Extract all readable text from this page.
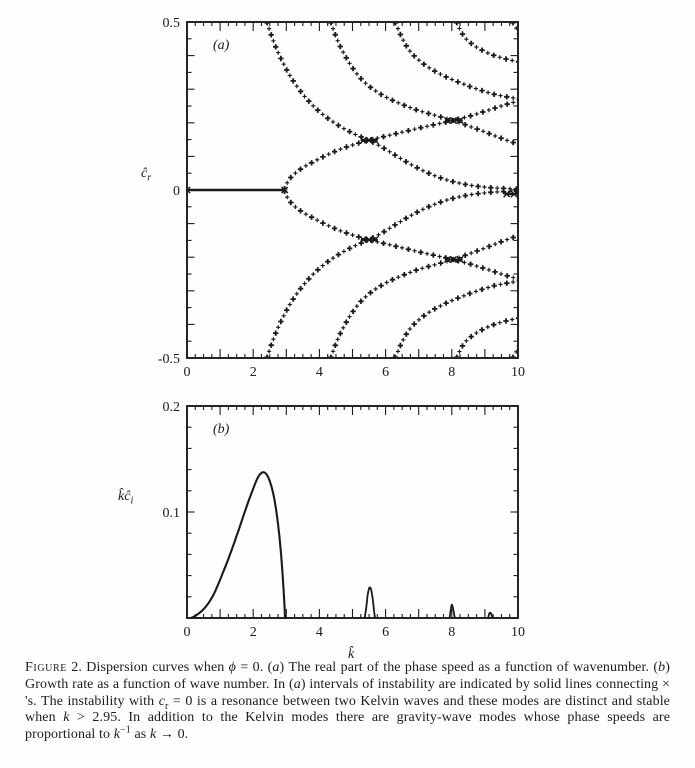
0	2	4	6	8	10
0.5
0
-0.5
(a)
$ĉ_r$
0	2	4	6	8	10
0.2
0.1
(b)
$k̂ĉ_i$
k̂

Figure 2. Dispersion curves when ϕ = 0. (a) The real part of the phase speed as a function of wavenumber. (b) Growth rate as a function of wave number. In (a) intervals of instability are indicated by solid lines connecting × 's. The instability with $c_r = 0$ is a resonance between two Kelvin waves and these modes are distinct and stable when k > 2.95. In addition to the Kelvin modes there are gravity-wave modes whose phase speeds are proportional to $k^{-1}$ as k → 0.
